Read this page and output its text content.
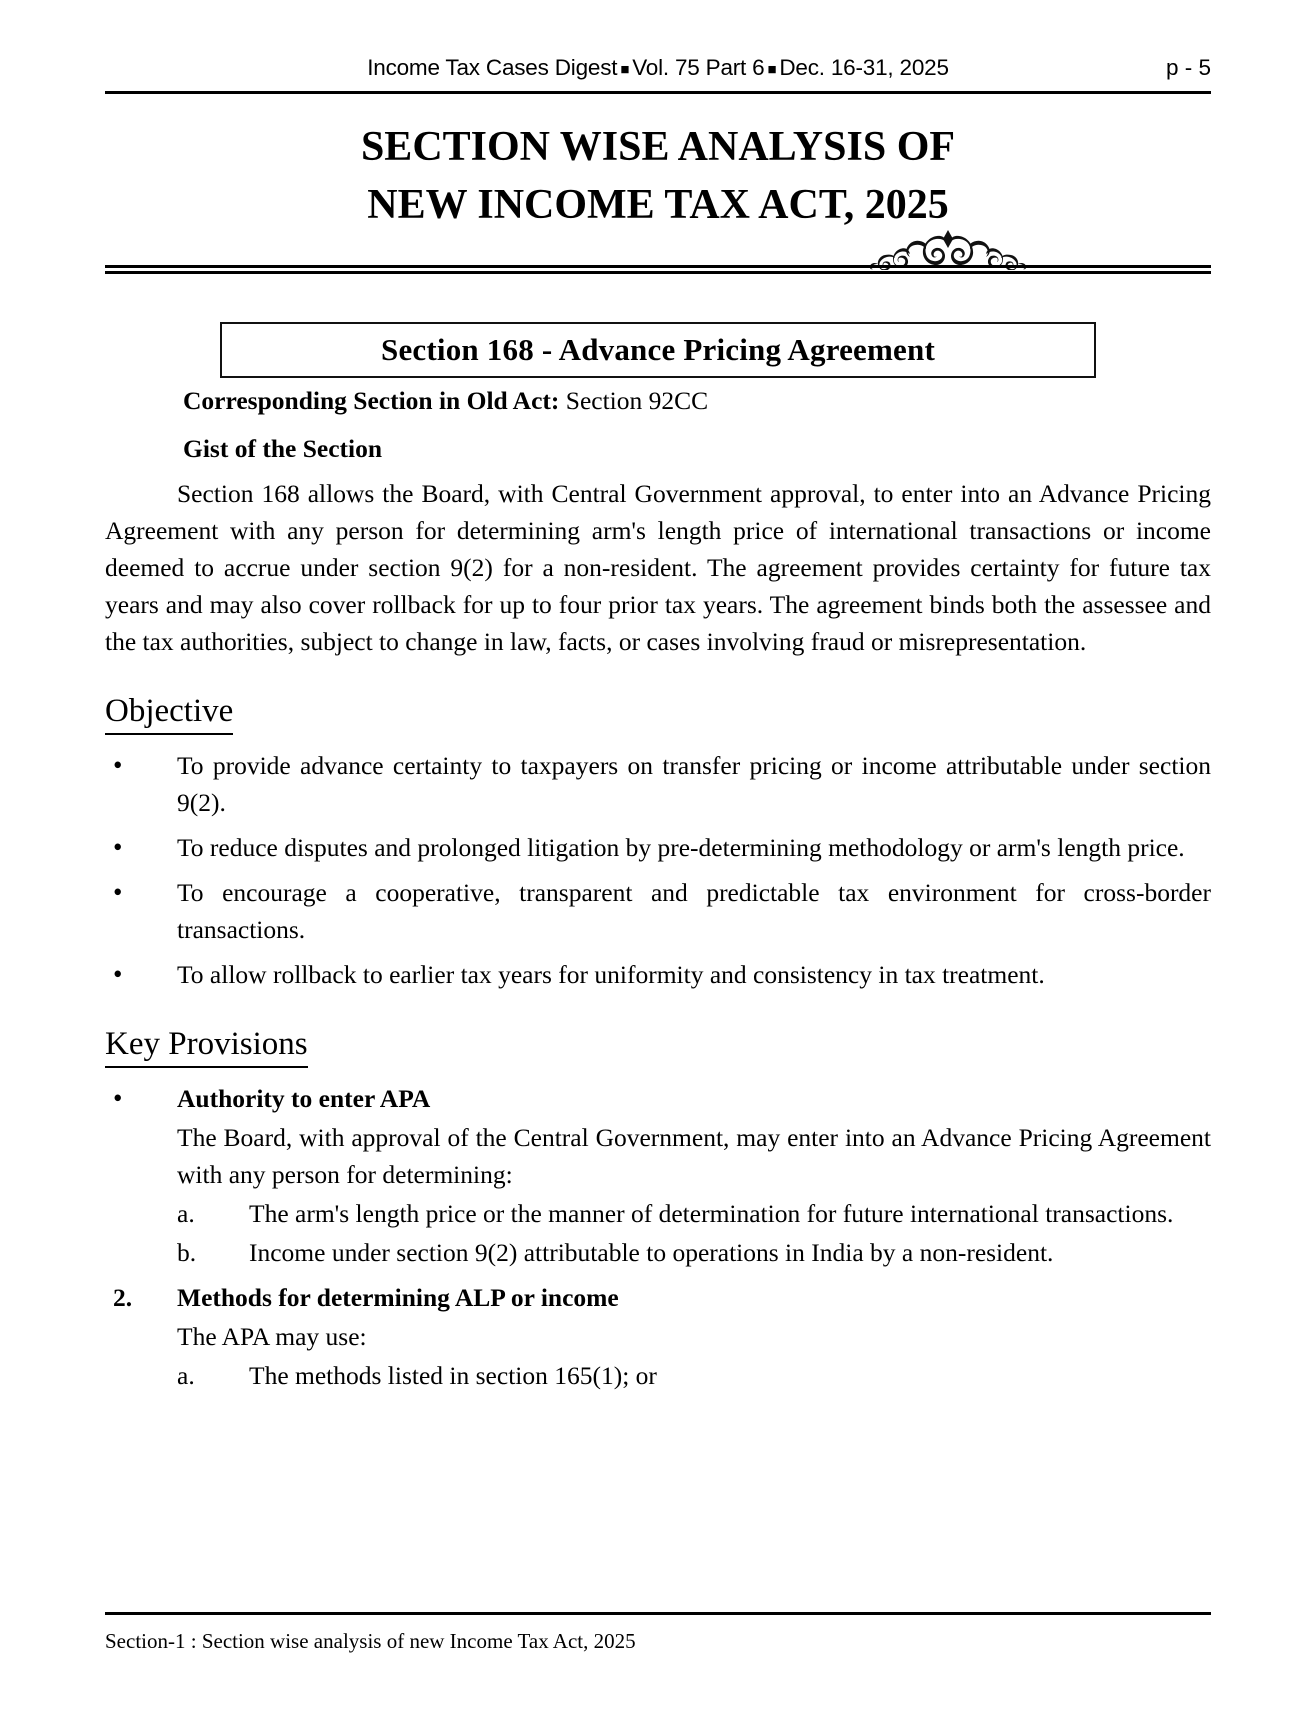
Income Tax Cases Digest ■ Vol. 75 Part 6 ■ Dec. 16-31, 2025	p - 5
SECTION WISE ANALYSIS OF
NEW INCOME TAX ACT, 2025
Section 168 - Advance Pricing Agreement

Corresponding Section in Old Act: Section 92CC

Gist of the Section

Section 168 allows the Board, with Central Government approval, to enter into an Advance Pricing Agreement with any person for determining arm's length price of international transactions or income deemed to accrue under section 9(2) for a non-resident. The agreement provides certainty for future tax years and may also cover rollback for up to four prior tax years. The agreement binds both the assessee and the tax authorities, subject to change in law, facts, or cases involving fraud or misrepresentation.

Objective
•	To provide advance certainty to taxpayers on transfer pricing or income attributable under section 9(2).
•	To reduce disputes and prolonged litigation by pre-determining methodology or arm's length price.
•	To encourage a cooperative, transparent and predictable tax environment for cross-border transactions.
•	To allow rollback to earlier tax years for uniformity and consistency in tax treatment.
Key Provisions
•	Authority to enter APA
The Board, with approval of the Central Government, may enter into an Advance Pricing Agreement with any person for determining:
a.	The arm's length price or the manner of determination for future international transactions.
b.	Income under section 9(2) attributable to operations in India by a non-resident.
2.	Methods for determining ALP or income
The APA may use:
a.	The methods listed in section 165(1); or
Section-1 : Section wise analysis of new Income Tax Act, 2025
